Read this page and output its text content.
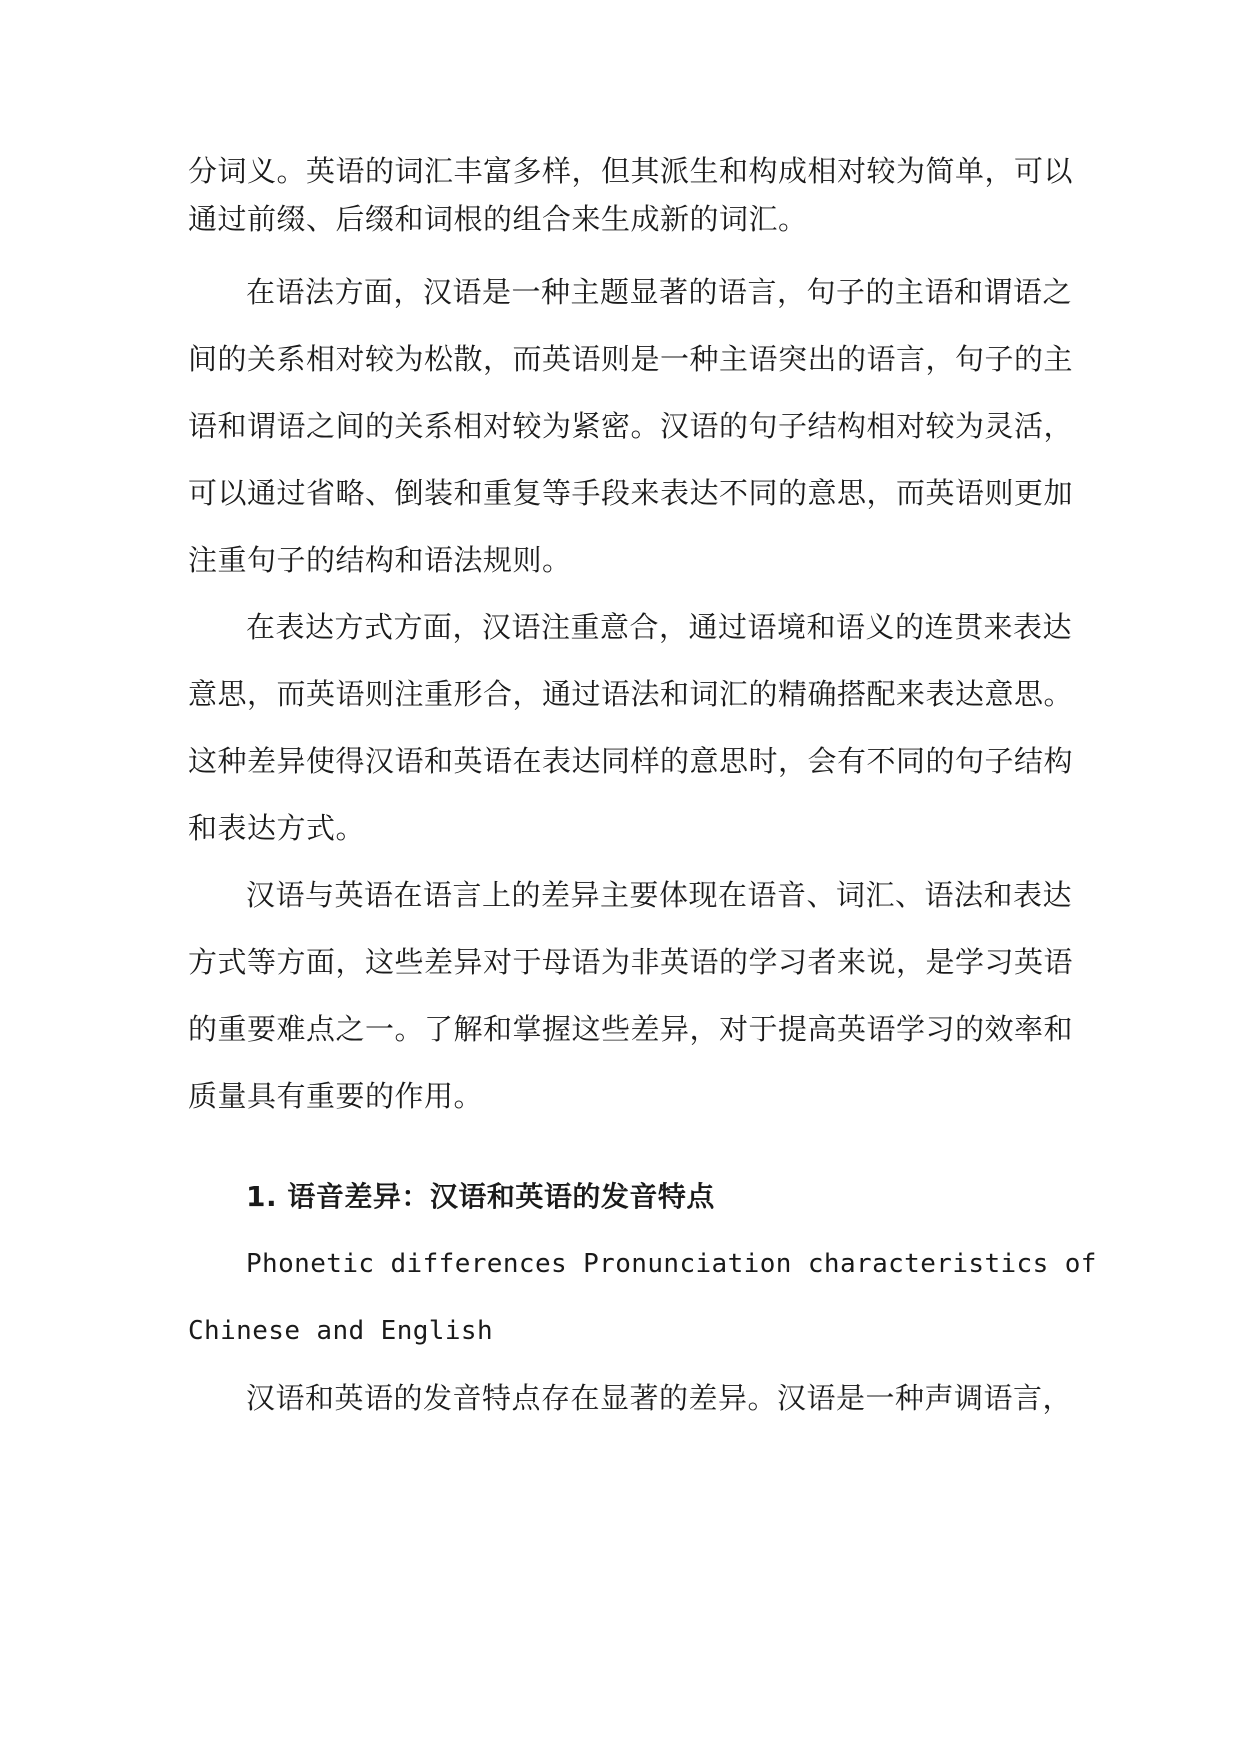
分词义。英语的词汇丰富多样，但其派生和构成相对较为简单，可以
通过前缀、后缀和词根的组合来生成新的词汇。
在语法方面，汉语是一种主题显著的语言，句子的主语和谓语之
间的关系相对较为松散，而英语则是一种主语突出的语言，句子的主
语和谓语之间的关系相对较为紧密。汉语的句子结构相对较为灵活，
可以通过省略、倒装和重复等手段来表达不同的意思，而英语则更加
注重句子的结构和语法规则。
在表达方式方面，汉语注重意合，通过语境和语义的连贯来表达
意思，而英语则注重形合，通过语法和词汇的精确搭配来表达意思。
这种差异使得汉语和英语在表达同样的意思时，会有不同的句子结构
和表达方式。
汉语与英语在语言上的差异主要体现在语音、词汇、语法和表达
方式等方面，这些差异对于母语为非英语的学习者来说，是学习英语
的重要难点之一。了解和掌握这些差异，对于提高英语学习的效率和
质量具有重要的作用。
1. 语音差异：汉语和英语的发音特点
Phonetic differences Pronunciation characteristics of
Chinese and English
汉语和英语的发音特点存在显著的差异。汉语是一种声调语言，
